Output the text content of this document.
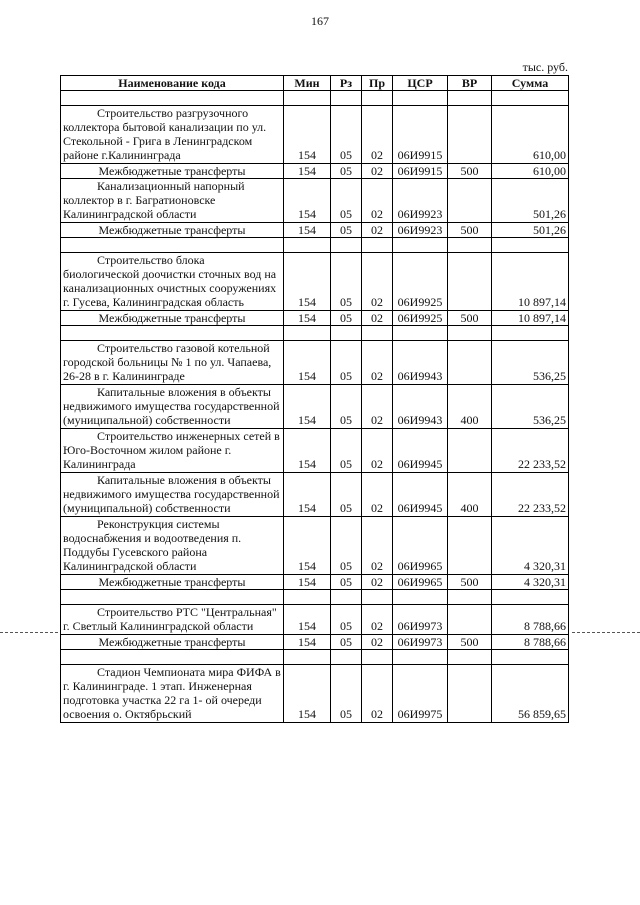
167
тыс. руб.
Наименование кода	Мин	Рз	Пр	ЦСР	ВР	Сумма

Строительство разгрузочного коллектора бытовой канализации по ул. Стекольной - Грига в Ленинградском районе г.Калининграда	154	05	02	06И9915		610,00
Межбюджетные трансферты	154	05	02	06И9915	500	610,00
Канализационный напорный коллектор в г. Багратионовске Калининградской области	154	05	02	06И9923		501,26
Межбюджетные трансферты	154	05	02	06И9923	500	501,26

Строительство блока биологической доочистки сточных вод на канализационных очистных сооружениях г. Гусева, Калининградская область	154	05	02	06И9925		10 897,14
Межбюджетные трансферты	154	05	02	06И9925	500	10 897,14

Строительство газовой котельной городской больницы № 1 по ул. Чапаева, 26-28 в г. Калининграде	154	05	02	06И9943		536,25
Капитальные вложения в объекты недвижимого имущества государственной (муниципальной) собственности	154	05	02	06И9943	400	536,25
Строительство инженерных сетей в Юго-Восточном жилом районе г. Калининграда	154	05	02	06И9945		22 233,52
Капитальные вложения в объекты недвижимого имущества государственной (муниципальной) собственности	154	05	02	06И9945	400	22 233,52
Реконструкция системы водоснабжения и водоотведения п. Поддубы Гусевского района Калининградской области	154	05	02	06И9965		4 320,31
Межбюджетные трансферты	154	05	02	06И9965	500	4 320,31

Строительство РТС "Центральная" г. Светлый Калининградской области	154	05	02	06И9973		8 788,66
Межбюджетные трансферты	154	05	02	06И9973	500	8 788,66

Стадион Чемпионата мира ФИФА в г. Калининграде. 1 этап. Инженерная подготовка участка 22 га 1- ой очереди освоения о. Октябрьский	154	05	02	06И9975		56 859,65
